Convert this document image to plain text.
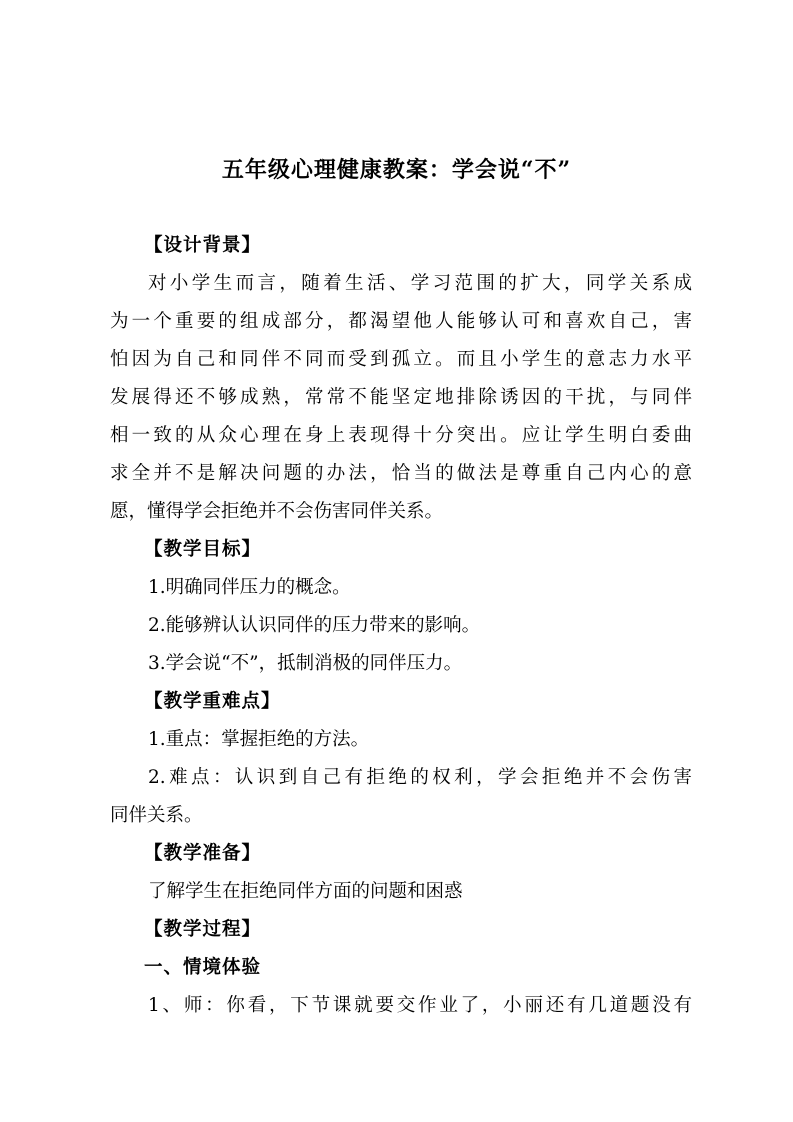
五年级心理健康教案：学会说“不”
【设计背景】
对小学生而言，随着生活、学习范围的扩大，同学关系成
为一个重要的组成部分，都渴望他人能够认可和喜欢自己，害
怕因为自己和同伴不同而受到孤立。而且小学生的意志力水平
发展得还不够成熟，常常不能坚定地排除诱因的干扰，与同伴
相一致的从众心理在身上表现得十分突出。应让学生明白委曲
求全并不是解决问题的办法，恰当的做法是尊重自己内心的意
愿，懂得学会拒绝并不会伤害同伴关系。
【教学目标】
1.明确同伴压力的概念。
2.能够辨认认识同伴的压力带来的影响。
3.学会说“不”，抵制消极的同伴压力。
【教学重难点】
1.重点：掌握拒绝的方法。
2.难点：认识到自己有拒绝的权利，学会拒绝并不会伤害
同伴关系。
【教学准备】
了解学生在拒绝同伴方面的问题和困惑
【教学过程】
一、情境体验
1、师：你看，下节课就要交作业了，小丽还有几道题没有
